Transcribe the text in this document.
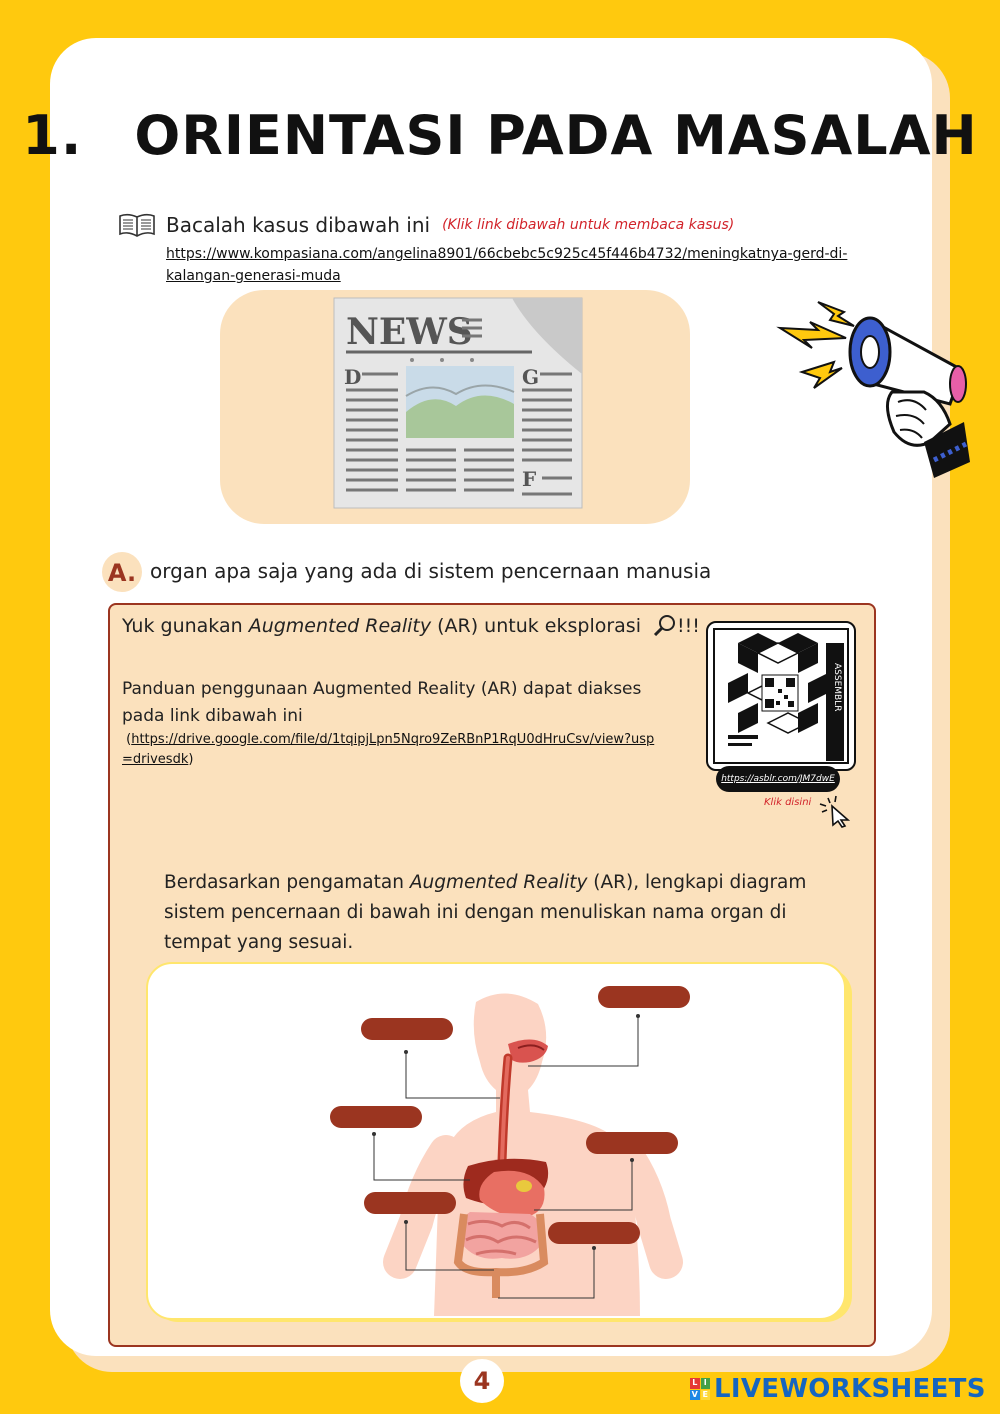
1. ORIENTASI PADA MASALAH
Bacalah kasus dibawah ini (Klik link dibawah untuk membaca kasus)
https://www.kompasiana.com/angelina8901/66cbebc5c925c45f446b4732/meningkatnya-gerd-di-kalangan-generasi-muda
NEWS
D	G
F
A. organ apa saja yang ada di sistem pencernaan manusia
Yuk gunakan Augmented Reality (AR) untuk eksplorasi !!!
Panduan penggunaan Augmented Reality (AR) dapat diakses pada link dibawah ini
(https://drive.google.com/file/d/1tqipjLpn5Nqro9ZeRBnP1RqU0dHruCsv/view?usp=drivesdk)
ASSEMBLR
https://asblr.com/JM7dwE
Klik disini
Berdasarkan pengamatan Augmented Reality (AR), lengkapi diagram sistem pencernaan di bawah ini dengan menuliskan nama organ di tempat yang sesuai.
4	L I
V E LIVEWORKSHEETS
